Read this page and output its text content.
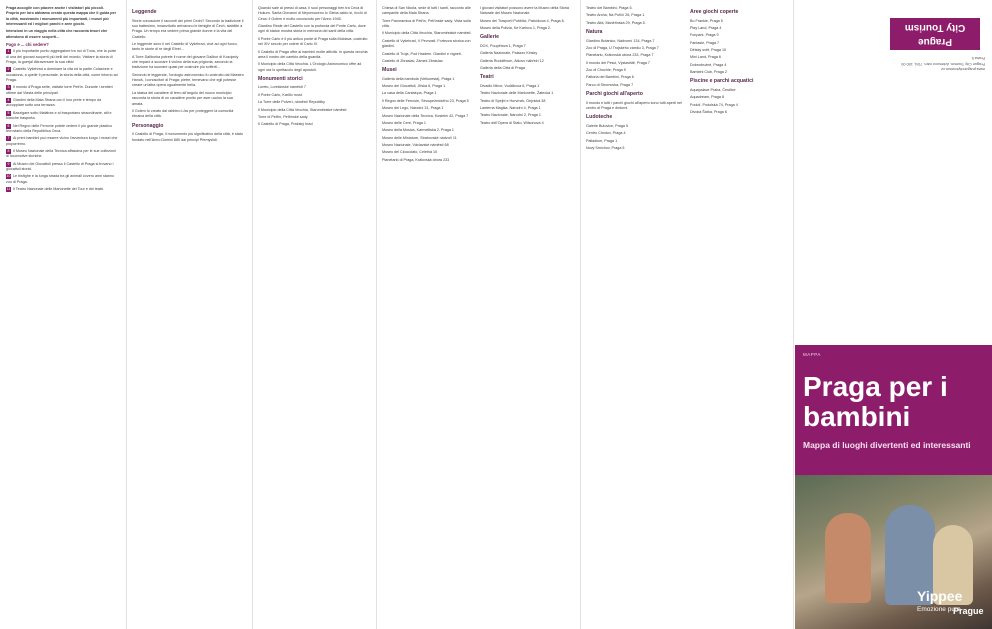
Praga accoglie con piacere anche i visitatori più piccoli. Proprio per loro abbiamo creato questa mappa che li guida per la città, mostrando i monumenti più importanti, i musei più interessanti ed i migliori parchi e aree giochi.

Intenzioni in un viaggio nella città che racconta tesori che attendono di essere scoperti...

Pago e ... chi sedere?

1 Il più importante punto aggregatore tra noi di Troia, che la porte di una dei giovani scoperti più belli del mondo. Visitare la storia di Praga, la guerja! Attraversare la sua città!

2 Castello Vyšehrad a dominare la vita ed la partie Colazione e occasiona, a quelle Il personale, la storia della città, come intorno ad Praga.

3 Il mondo d'Praga sette, visitate torre Petřín. Durante i sentieri ottime dal Vlasta delle principali.

4 Giardini della Mala Strana con il loro prete e tempo da accoppiare sotto una terrazza.

5 Bazzigare sotto Malátrax e al trasportano straordinarie, alti e bianche trasporta.

6 Nel Regno delle Ferrovie potete vedere il più grande plastico ferroviario della Repubblica Ceca.

7 Ai primi bambini può essere vicino l'avventura lungo i musei che proporremo.

8 Il Museo Nazionale della Tecnica affascina per le sue collezioni di locomotive storiche.

9 Al Museo dei Giocattoli presso il Castello di Praga si trovano i giocattoli storici.

10 Le bisfighe e la lunga strada tra gli animali ovvero anni stanno zoo di Praga.

11 Il Teatro Nazionale delle Marionette del Tour e dei teatri.

Leggende

Storie conosciute il racconti dei primi Cechi? Secondo la tradizione il suo battesimo, innanzitutto arrivarono le famiglie di Čech, stabilite a Praga. Un tempo era vedere prima grande donne e la vita del Castello.

Le leggende sono il nel Castello di Vyšehrad, cioè ad ogni fuoco, tanto le storie di re degli Ebrei...

A Torre Daliborka potrete il nome del giovane Dalibor di Kozojedy che imparò a suonare il violino della sua prigionia, secondo la tradizione ha suonare quasi per costruire più sofferti...

Secondo le leggende, l'orologio astronomico fu costruito dal Maestro Hanuš, i conoscitori di Praga; pietre, temevano che egli potesse creare un'altra opera ugualmente bella.

La statua del cavaliere di ferro all'angolo del nuovo municipio racconta la storia di un cavaliere punito per aver ucciso la sua amata.

Il Golem fu creato dal rabbino Löw per proteggere la comunità ebraica della città.

Personaggio

Il Castello di Praga, il monumento più significativo della città, è stato fondato nell'Anno Domini 880 dai principi Přemyslidi.

Quando sale al pressi di casa, il suoi personaggi ben tra Ceca di Hokum. Santa Giovanni di Nepomuceno lo Gleba caldo si, ricchi di Ceca: il Golem è molto conosciuto per l'Anno 1945.

Giardino Reale del Castello con la profonda del Ponte Carlo, dove ogni di statue mostra storia in memoria dei santi della città.

Il Ponte Carlo è il più antico ponte di Praga sulla Moldava, costruito nel XIV secolo per volere di Carlo IV.

Il Castello di Praga offre ai bambini molte attività. In questa vecchia area il nostro dei cambio della guardia.

Il Municipio della Città Vecchia. L'Orologio Astronomico offre ad ogni ora lo spettacolo degli apostoli.

Monumenti storici

Loreto, Loretánské náměstí 7

Il Ponte Carlo, Karlův most

La Torre delle Polveri, náměstí Republiky

Il Municipio della Città Vecchia, Staroměstské náměstí

Torre di Petřín, Petřínské sady

Il Castello di Praga, Pražský hrad

Chiesa di San Nicola, sede di tutti i santi, racconto alle campanile della Mala Strana.

Torre Panoramica di Petřín, Petřínské sady. Vista sulla città.

Il Municipio della Città Vecchia, Staroměstské náměstí.

Castello di Vyšehrad, V Pevnosti. Fortezza storica con giardini.

Castello di Troja, Pod Hradem. Giardini e vigneti.

Castello di Zbraslav, Zámek Zbraslav.

Musei

Galleria della bambola (Velkoresta), Praga 1

Museo dei Giocattoli, Jiřská 6, Praga 1

La casa della Cantalupa, Praga 1

Il Regno delle Ferrovie, Stroupežnického 23, Praga 5

Museo del Lego, Národní 31, Praga 1

Museo Nazionale della Tecnica, Kostelní 42, Praga 7

Museo delle Cere, Praga 1

Museo della Musica, Karmelitská 2, Praga 1

Museo delle Miniature, Strahovské nádvoří 11

Museo Nazionale, Václavské náměstí 68

Museo del Cioccolato, Celetná 10

Planetario di Praga, Královská obora 233

I giovani visitatori possono avere la Museo della Storia Naturale del Museo Nazionale.

Museo dei Trasporti Pubblici, Patočkova 4, Praga 6.

Museo della Polizia, Ke Karlovu 1, Praga 2.

Gallerie

DOX, Poupětova 1, Praga 7

Galleria Nazionale, Palazzo Kinsky

Galleria Rudolfinum, Alšovo nábřeží 12

Galleria della Città di Praga

Teatri

Divadlo Minor, Vodičkova 6, Praga 1

Teatro Nazionale delle Marionette, Žatecká 1

Teatro di Spejbl e Hurvínek, Dejvická 38

Lanterna Magika, Národní 4, Praga 1

Teatro Nazionale, Národní 2, Praga 1

Teatro dell'Opera di Stato, Wilsonova 4

Teatro dei Bambini, Praga 5.

Teatro Archa, Na Poříčí 26, Praga 1.

Teatro Alfa, Manětínská 29, Praga 5.

Natura

Giardino Botanico, Nádvorní 134, Praga 7

Zoo di Praga, U Trojského zámku 3, Praga 7

Planetario, Královská obora 233, Praga 7

Il mondo dei Pesci, Výstaviště, Praga 7

Zoo di Chuchle, Praga 5

Fattoria dei Bambini, Praga 6

Parco di Stromovka, Praga 7

Parchi giochi all'aperto

Il mondo e tutti i parchi giochi all'aperto sono tutti aperti nel centro di Praga e dintorni.

Ludoteche

Galerie Butovice, Praga 5

Centro Chodov, Praga 4

Palladium, Praga 1

Nový Smíchov, Praga 5

Aree giochi coperte

Bo Frankie, Praga 5

Play Land, Praga 4

Funpark, Praga 9

Fantasie, Praga 7

Dětský svět, Praga 10

Mini Land, Praga 6

Dobrodružné, Praga 4

Bambini Club, Praga 2

Piscine e parchi acquatici

Aquapalace Praha, Čestlice

Aquadream, Praga 8

Podolí, Podolská 74, Praga 4

Divoká Šárka, Praga 6

Prague
City Tourism
www.praguecitytourism.cz
Prague City Tourism, Arbesovo nám. 70/4, 150 00 Praha 5
MAPPA
Praga per i bambini
Mappa di luoghi divertenti ed interessanti
Yippee
Emozione pura
Prague
